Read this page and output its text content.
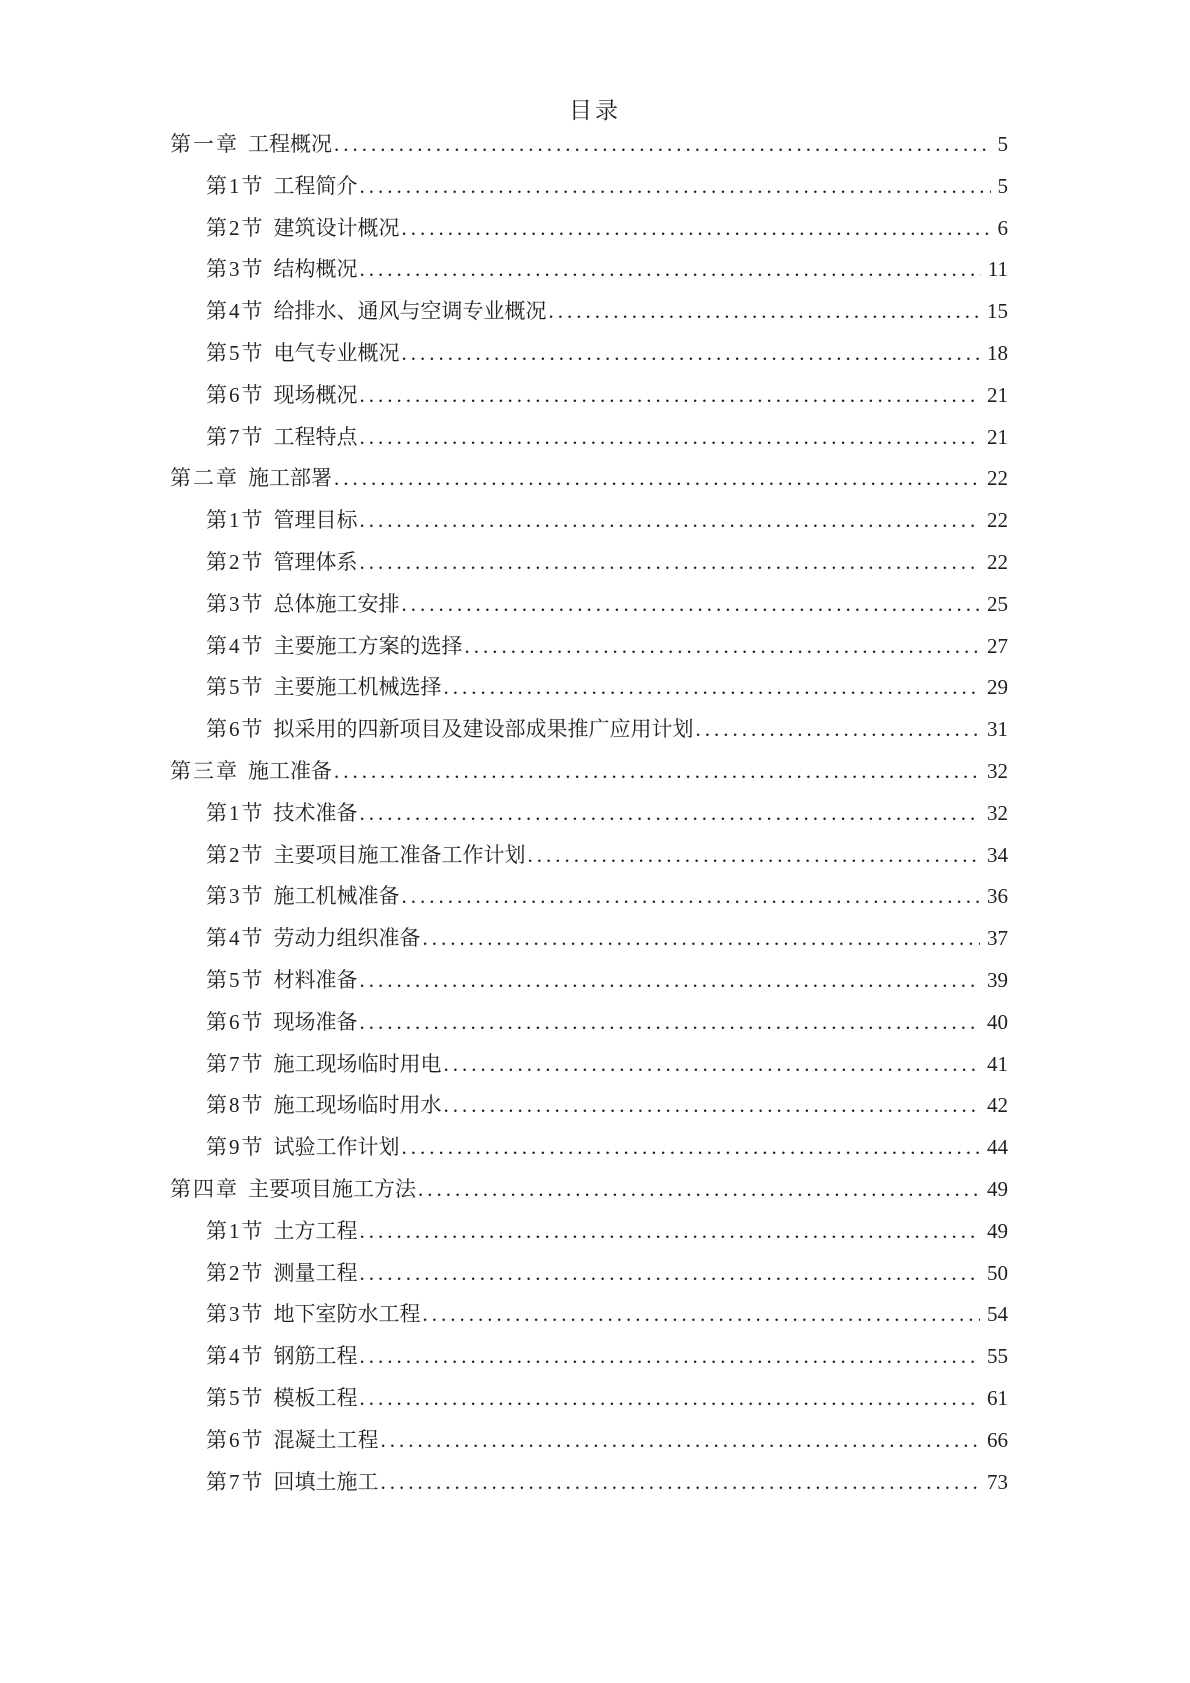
目录
第一章 工程概况 .....	5
第1节 工程简介 .....	5
第2节 建筑设计概况 .....	6
第3节 结构概况 .....	11
第4节 给排水、通风与空调专业概况 .....	15
第5节 电气专业概况 .....	18
第6节 现场概况 .....	21
第7节 工程特点 .....	21
第二章 施工部署 .....	22
第1节 管理目标 .....	22
第2节 管理体系 .....	22
第3节 总体施工安排 .....	25
第4节 主要施工方案的选择 .....	27
第5节 主要施工机械选择 .....	29
第6节 拟采用的四新项目及建设部成果推广应用计划 .....	31
第三章 施工准备 .....	32
第1节 技术准备 .....	32
第2节 主要项目施工准备工作计划 .....	34
第3节 施工机械准备 .....	36
第4节 劳动力组织准备 .....	37
第5节 材料准备 .....	39
第6节 现场准备 .....	40
第7节 施工现场临时用电 .....	41
第8节 施工现场临时用水 .....	42
第9节 试验工作计划 .....	44
第四章 主要项目施工方法 .....	49
第1节 土方工程 .....	49
第2节 测量工程 .....	50
第3节 地下室防水工程 .....	54
第4节 钢筋工程 .....	55
第5节 模板工程 .....	61
第6节 混凝土工程 .....	66
第7节 回填土施工 .....	73
